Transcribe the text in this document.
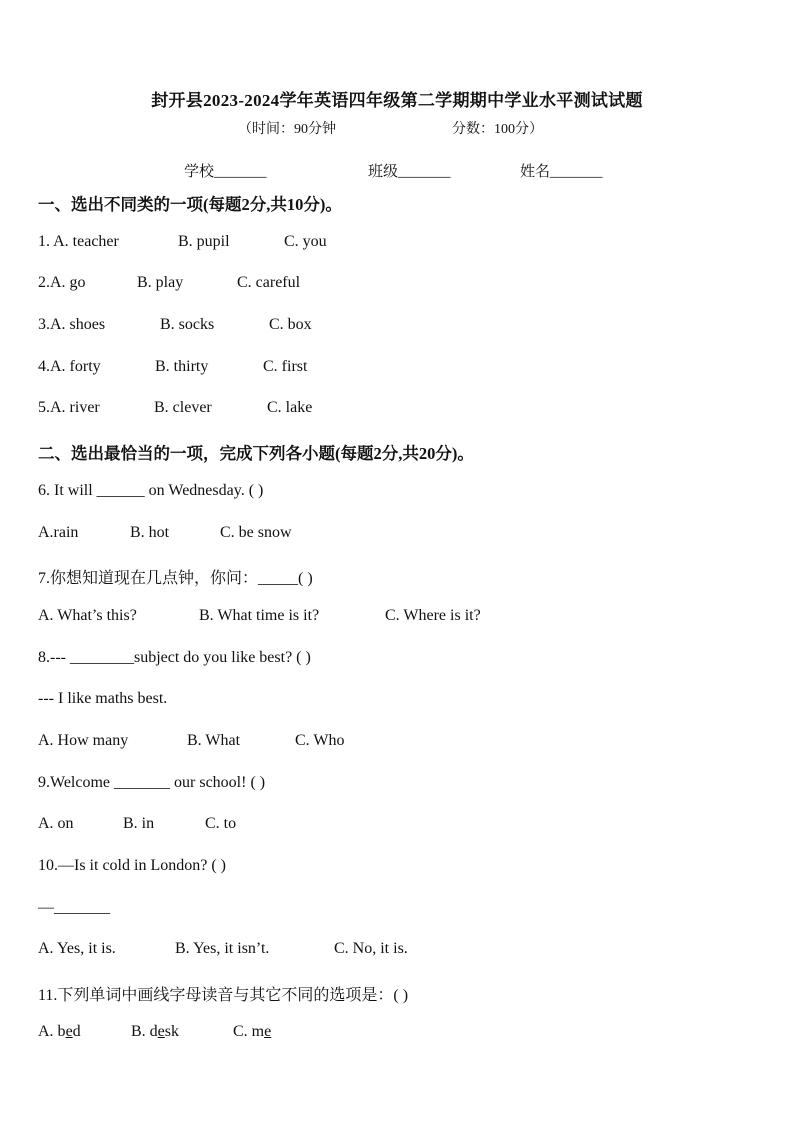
封开县2023-2024学年英语四年级第二学期期中学业水平测试试题
（时间：90分钟	分数：100分）
学校_______	班级_______	姓名_______
一、选出不同类的一项(每题2分,共10分)。
1. A. teacher	B. pupil	C. you
2.A. go	B. play	C. careful
3.A. shoes	B. socks	C. box
4.A. forty	B. thirty	C. first
5.A. river	B. clever	C. lake
二、选出最恰当的一项，完成下列各小题(每题2分,共20分)。
6. It will ______ on Wednesday. ( )
A.rain	B. hot	C. be snow
7.你想知道现在几点钟，你问：_____( )
A. What’s this?	B. What time is it?	C. Where is it?
8.--- ________subject do you like best? ( )
--- I like maths best.
A. How many	B. What	C. Who
9.Welcome _______ our school! ( )
A. on	B. in	C. to
10.—Is it cold in London? ( )
—_______
A. Yes, it is.	B. Yes, it isn’t.	C. No, it is.
11.下列单词中画线字母读音与其它不同的选项是：( )
A. bed	B. desk	C. me
